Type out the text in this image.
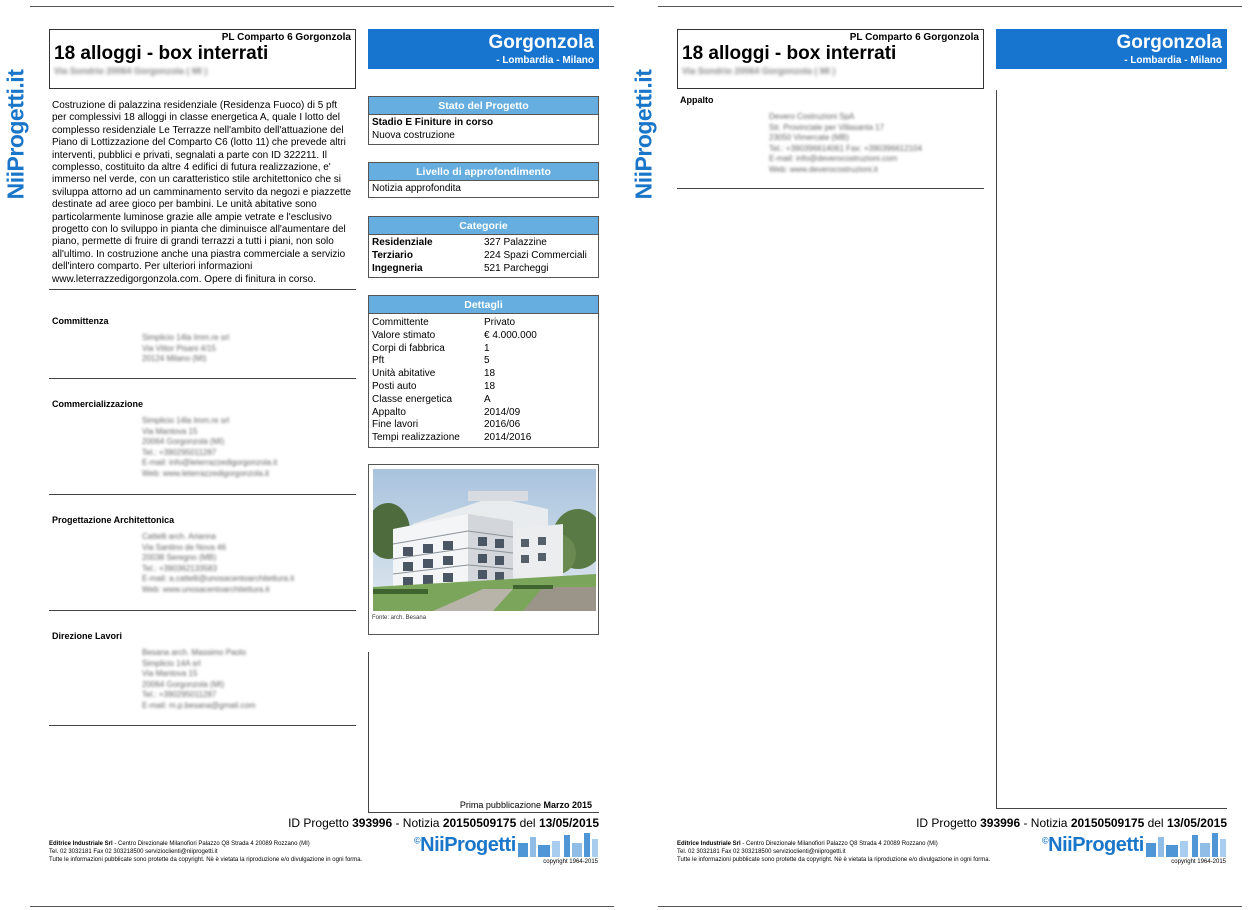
NiiProgetti.it
PL Comparto 6 Gorgonzola
18 alloggi - box interrati
Via Sondrio 20064 Gorgonzola ( MI )
Gorgonzola
- Lombardia - Milano
Costruzione di palazzina residenziale (Residenza Fuoco) di 5 pft per complessivi 18 alloggi in classe energetica A, quale I lotto del complesso residenziale Le Terrazze nell'ambito dell'attuazione del Piano di Lottizzazione del Comparto C6 (lotto 11) che prevede altri interventi, pubblici e privati, segnalati a parte con ID 322211. Il complesso, costituito da altre 4 edifici di futura realizzazione, e' immerso nel verde, con un caratteristico stile architettonico che si sviluppa attorno ad un camminamento servito da negozi e piazzette destinate ad aree gioco per bambini. Le unità abitative sono particolarmente luminose grazie alle ampie vetrate e l'esclusivo progetto con lo sviluppo in pianta che diminuisce all'aumentare del piano, permette di fruire di grandi terrazzi a tutti i piani, non solo all'ultimo. In costruzione anche una piastra commerciale a servizio dell'intero comparto. Per ulteriori informazioni www.leterrazzedigorgonzola.com. Opere di finitura in corso.
Committenza
Simplicio 14la Imm.re srl
Via Vittor Pisani 4/15
20124 Milano (MI)
Commercializzazione
Simplicio 14la Imm.re srl
Via Mantova 15
20064 Gorgonzola (MI)
Tel.: +390295011287
E-mail: info@leterrazzedigorgonzola.it
Web: www.leterrazzedigorgonzola.it
Progettazione Architettonica
Cattelli arch. Arianna
Via Santino de Nova 46
20038 Seregno (MB)
Tel.: +390362133583
E-mail: a.cattelli@unosacentoarchitettura.it
Web: www.unosacentoarchitettura.it
Direzione Lavori
Besana arch. Massimo Paolo
Simplicio 14A srl
Via Mantova 15
20064 Gorgonzola (MI)
Tel.: +390295011287
E-mail: m.p.besana@gmail.com
Stato del Progetto
Stadio E Finiture in corso
Nuova costruzione
Livello di approfondimento
Notizia approfondita
Categorie
Residenziale	327 Palazzine
Terziario	224 Spazi Commerciali
Ingegneria	521 Parcheggi
Dettagli
Committente	Privato
Valore stimato	€ 4.000.000
Corpi di fabbrica	1
Pft	5
Unità abitative	18
Posti auto	18
Classe energetica	A
Appalto	2014/09
Fine lavori	2016/06
Tempi realizzazione	2014/2016
Fonte: arch. Besana
Prima pubblicazione Marzo 2015
ID Progetto 393996 - Notizia 20150509175 del 13/05/2015
Editrice Industriale Srl - Centro Direzionale Milanofiori Palazzo Q8 Strada 4 20089 Rozzano (MI)
Tel. 02 3032181 Fax 02 303218500 servizioclienti@niiprogetti.it
Tutte le informazioni pubblicate sono protette da copyright. Nè è vietata la riproduzione e/o divulgazione in ogni forma.
©NiiProgetti
copyright 1964-2015
NiiProgetti.it
PL Comparto 6 Gorgonzola
18 alloggi - box interrati
Via Sondrio 20064 Gorgonzola ( MI )
Gorgonzola
- Lombardia - Milano
Appalto
Devero Costruzioni SpA
Str. Provinciale per Villasanta 17
23050 Vimercate (MB)
Tel.: +390396614061 Fax: +390396612104
E-mail: info@deverocostruzioni.com
Web: www.deverocostruzioni.it
ID Progetto 393996 - Notizia 20150509175 del 13/05/2015
Editrice Industriale Srl - Centro Direzionale Milanofiori Palazzo Q8 Strada 4 20089 Rozzano (MI)
Tel. 02 3032181 Fax 02 303218500 servizioclienti@niiprogetti.it
Tutte le informazioni pubblicate sono protette da copyright. Nè è vietata la riproduzione e/o divulgazione in ogni forma.
©NiiProgetti
copyright 1964-2015
